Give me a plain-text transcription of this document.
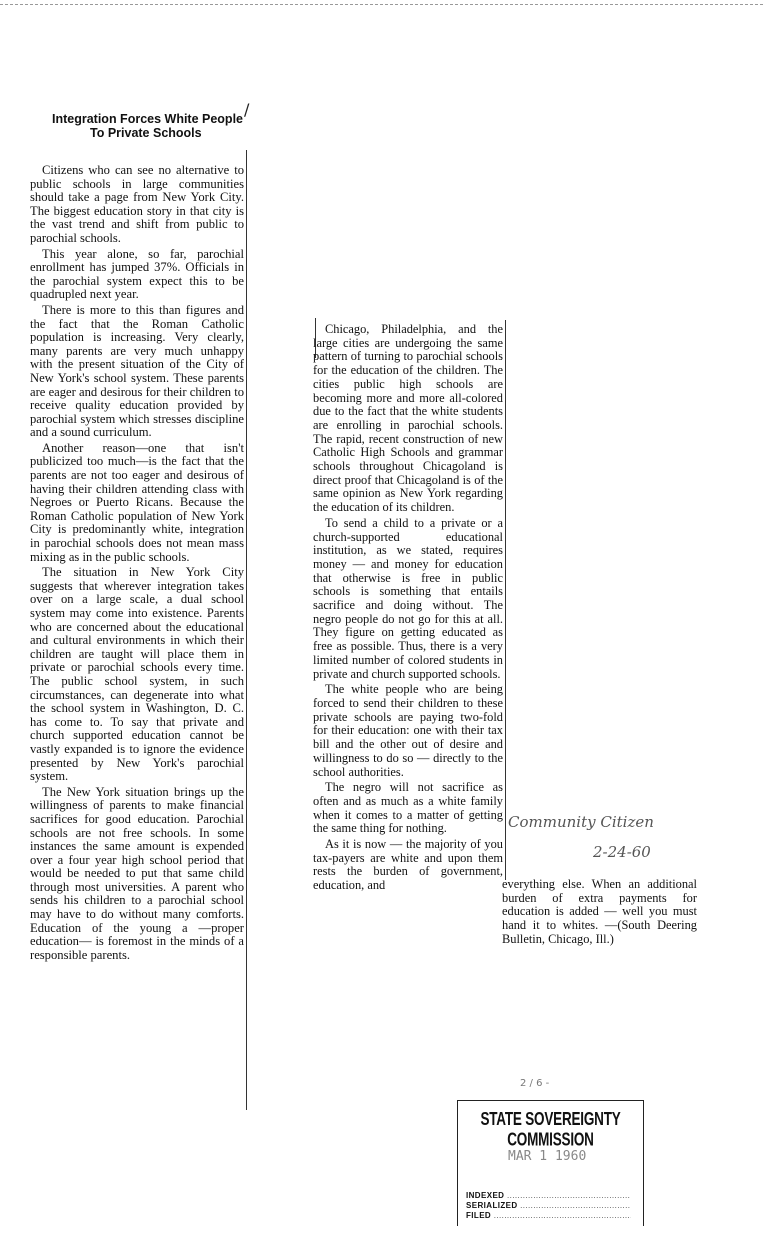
Integration Forces White People
To Private Schools

Citizens who can see no alternative to public schools in large communities should take a page from New York City. The biggest education story in that city is the vast trend and shift from public to parochial schools.

This year alone, so far, parochial enrollment has jumped 37%. Officials in the parochial system expect this to be quadrupled next year.

There is more to this than figures and the fact that the Roman Catholic population is increasing. Very clearly, many parents are very much unhappy with the present situation of the City of New York's school system. These parents are eager and desirous for their children to receive quality education provided by parochial system which stresses discipline and a sound curriculum.

Another reason—one that isn't publicized too much—is the fact that the parents are not too eager and desirous of having their children attending class with Negroes or Puerto Ricans. Because the Roman Catholic population of New York City is predominantly white, integration in parochial schools does not mean mass mixing as in the public schools.

The situation in New York City suggests that wherever integration takes over on a large scale, a dual school system may come into existence. Parents who are concerned about the educational and cultural environments in which their children are taught will place them in private or parochial schools every time. The public school system, in such circumstances, can degenerate into what the school system in Washington, D. C. has come to. To say that private and church supported education cannot be vastly expanded is to ignore the evidence presented by New York's parochial system.

The New York situation brings up the willingness of parents to make financial sacrifices for good education. Parochial schools are not free schools. In some instances the same amount is expended over a four year high school period that would be needed to put that same child through most universities. A parent who sends his children to a parochial school may have to do without many comforts. Education of the young a —proper education— is foremost in the minds of a responsible parents.

/

Chicago, Philadelphia, and the large cities are undergoing the same pattern of turning to parochial schools for the education of the children. The cities public high schools are becoming more and more all-colored due to the fact that the white students are enrolling in parochial schools. The rapid, recent construction of new Catholic High Schools and grammar schools throughout Chicagoland is direct proof that Chicagoland is of the same opinion as New York regarding the education of its children.

To send a child to a private or a church-supported educational institution, as we stated, requires money — and money for education that otherwise is free in public schools is something that entails sacrifice and doing without. The negro people do not go for this at all. They figure on getting educated as free as possible. Thus, there is a very limited number of colored students in private and church supported schools.

The white people who are being forced to send their children to these private schools are paying two-fold for their education: one with their tax bill and the other out of desire and willingness to do so — directly to the school authorities.

The negro will not sacrifice as often and as much as a white family when it comes to a matter of getting the same thing for nothing.

As it is now — the majority of you tax-payers are white and upon them rests the burden of government, education, and	everything else. When an additional burden of extra payments for education is added — well you must hand it to whites. —(South Deering Bulletin, Chicago, Ill.)
Community Citizen
2-24-60
2 / 6 -
STATE SOVEREIGNTY COMMISSION
MAR 1 1960
INDEXED .....
SERIALIZED .....
FILED .....
